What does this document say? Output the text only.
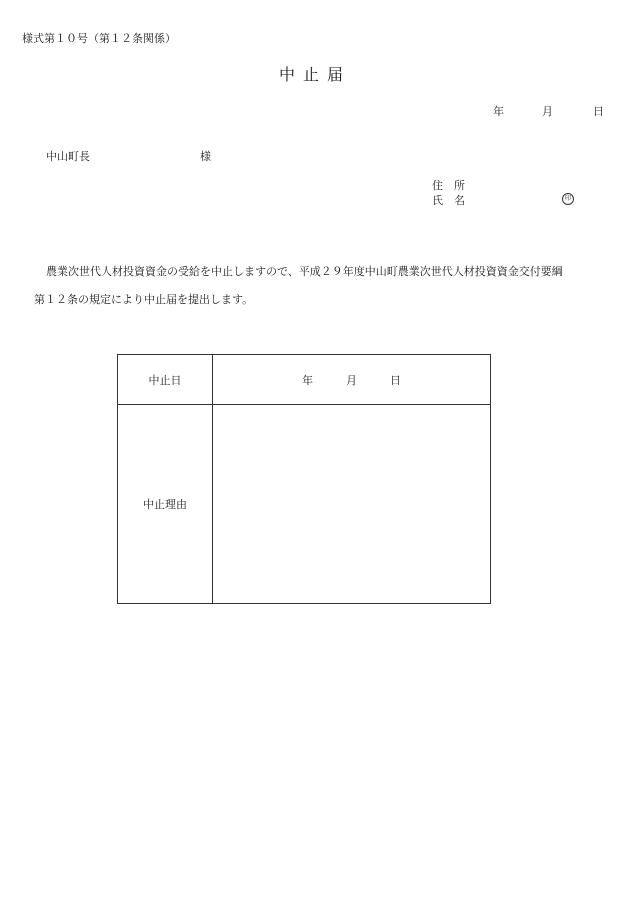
様式第１０号（第１２条関係）
中止届
年	月	日
中山町長	様
住　所
氏　名	印
農業次世代人材投資資金の受給を中止しますので、平成２９年度中山町農業次世代人材投資資金交付要綱
第１２条の規定により中止届を提出します。
中止日	年 月 日
中止理由	
